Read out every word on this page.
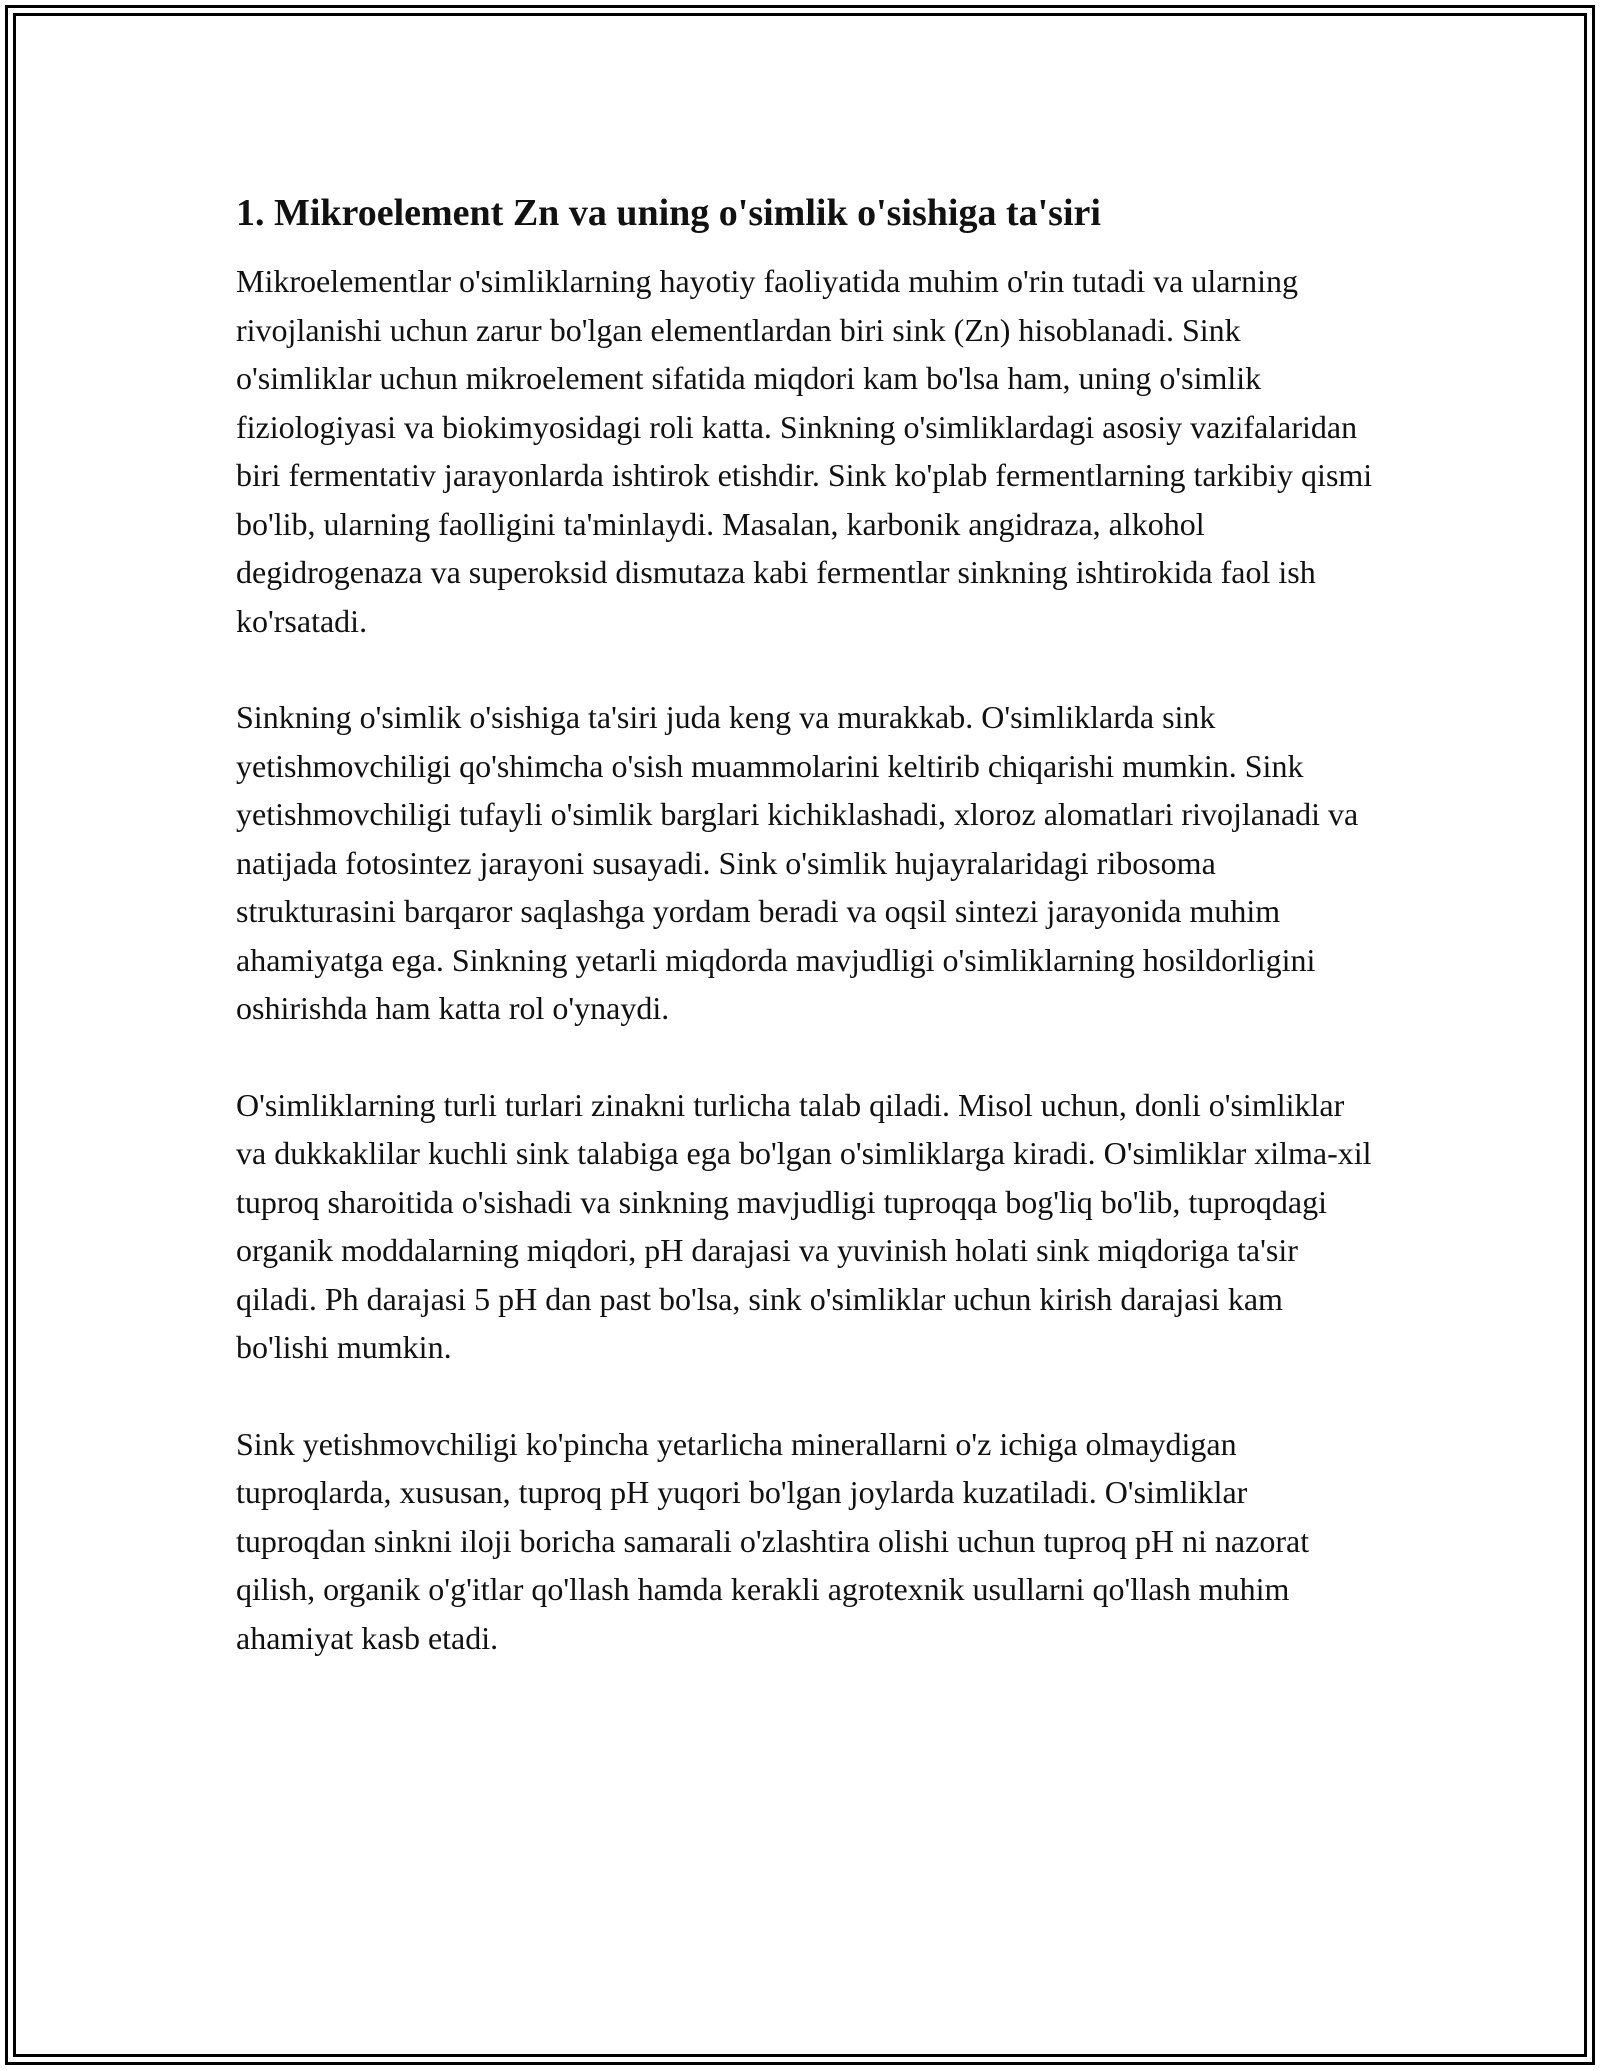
1. Mikroelement Zn va uning o'simlik o'sishiga ta'siri

Mikroelementlar o'simliklarning hayotiy faoliyatida muhim o'rin tutadi va ularning rivojlanishi uchun zarur bo'lgan elementlardan biri sink (Zn) hisoblanadi. Sink o'simliklar uchun mikroelement sifatida miqdori kam bo'lsa ham, uning o'simlik fiziologiyasi va biokimyosidagi roli katta. Sinkning o'simliklardagi asosiy vazifalaridan biri fermentativ jarayonlarda ishtirok etishdir. Sink ko'plab fermentlarning tarkibiy qismi bo'lib, ularning faolligini ta'minlaydi. Masalan, karbonik angidraza, alkohol degidrogenaza va superoksid dismutaza kabi fermentlar sinkning ishtirokida faol ish ko'rsatadi.

Sinkning o'simlik o'sishiga ta'siri juda keng va murakkab. O'simliklarda sink yetishmovchiligi qo'shimcha o'sish muammolarini keltirib chiqarishi mumkin. Sink yetishmovchiligi tufayli o'simlik barglari kichiklashadi, xloroz alomatlari rivojlanadi va natijada fotosintez jarayoni susayadi. Sink o'simlik hujayralaridagi ribosoma strukturasini barqaror saqlashga yordam beradi va oqsil sintezi jarayonida muhim ahamiyatga ega. Sinkning yetarli miqdorda mavjudligi o'simliklarning hosildorligini oshirishda ham katta rol o'ynaydi.

O'simliklarning turli turlari zinakni turlicha talab qiladi. Misol uchun, donli o'simliklar va dukkaklilar kuchli sink talabiga ega bo'lgan o'simliklarga kiradi. O'simliklar xilma-xil tuproq sharoitida o'sishadi va sinkning mavjudligi tuproqqa bog'liq bo'lib, tuproqdagi organik moddalarning miqdori, pH darajasi va yuvinish holati sink miqdoriga ta'sir qiladi. Ph darajasi 5 pH dan past bo'lsa, sink o'simliklar uchun kirish darajasi kam bo'lishi mumkin.

Sink yetishmovchiligi ko'pincha yetarlicha minerallarni o'z ichiga olmaydigan tuproqlarda, xususan, tuproq pH yuqori bo'lgan joylarda kuzatiladi. O'simliklar tuproqdan sinkni iloji boricha samarali o'zlashtira olishi uchun tuproq pH ni nazorat qilish, organik o'g'itlar qo'llash hamda kerakli agrotexnik usullarni qo'llash muhim ahamiyat kasb etadi.
